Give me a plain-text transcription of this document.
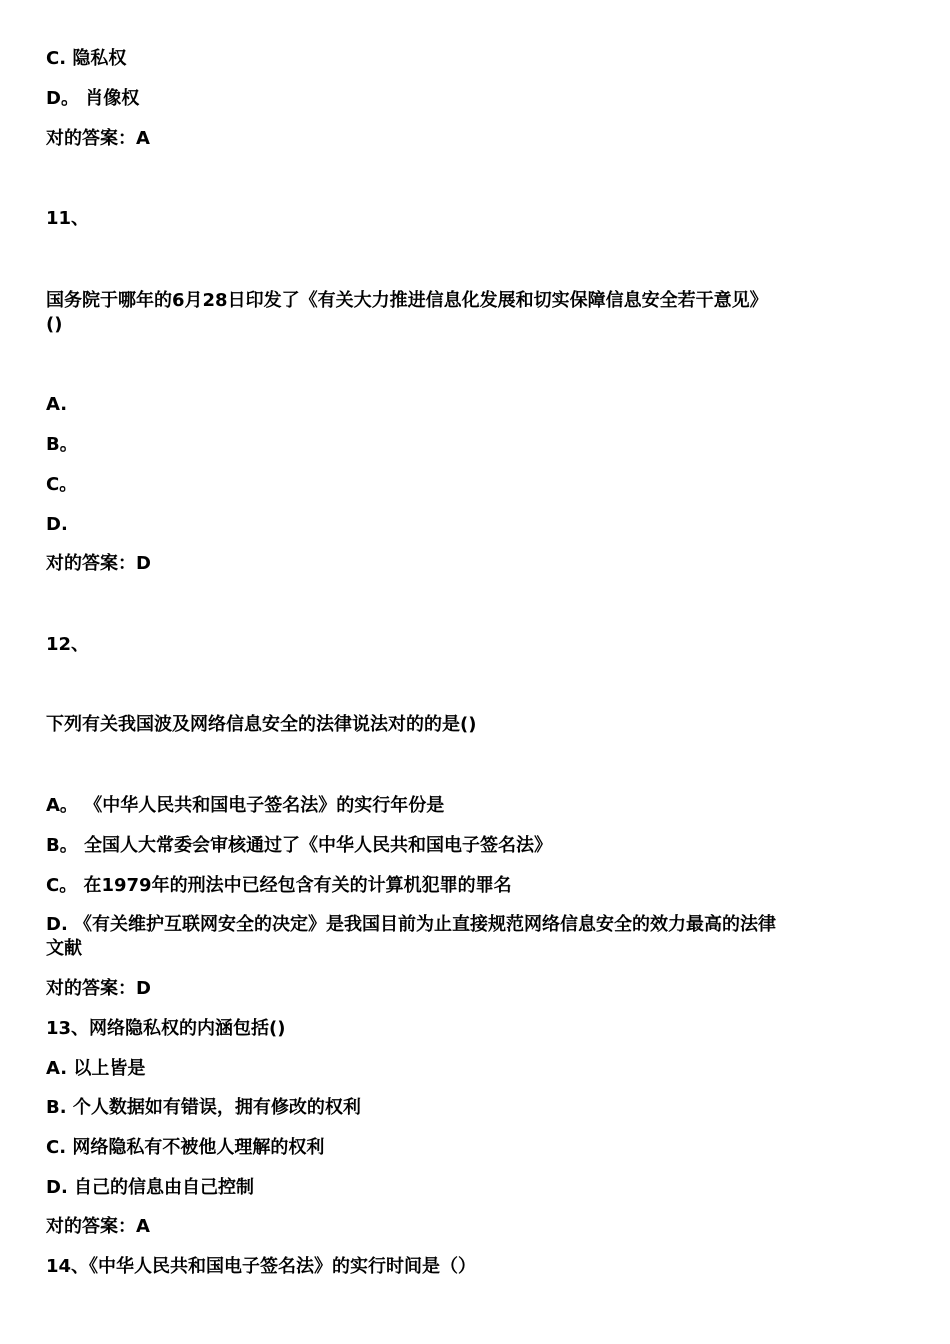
C. 隐私权
D。 肖像权
对的答案：A
11、
国务院于哪年的6月28日印发了《有关大力推进信息化发展和切实保障信息安全若干意见》
()
A.
B。
C。
D.
对的答案：D
12、
下列有关我国波及网络信息安全的法律说法对的的是()
A。 《中华人民共和国电子签名法》的实行年份是
B。 全国人大常委会审核通过了《中华人民共和国电子签名法》
C。 在1979年的刑法中已经包含有关的计算机犯罪的罪名
D. 《有关维护互联网安全的决定》是我国目前为止直接规范网络信息安全的效力最高的法律
文献
对的答案：D
13、网络隐私权的内涵包括()
A. 以上皆是
B. 个人数据如有错误，拥有修改的权利
C. 网络隐私有不被他人理解的权利
D. 自己的信息由自己控制
对的答案：A
14、《中华人民共和国电子签名法》的实行时间是（）
